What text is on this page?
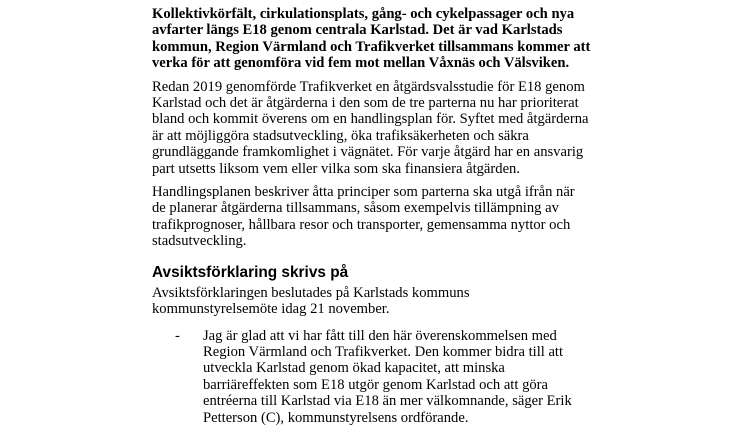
Kollektivkörfält, cirkulationsplats, gång- och cykelpassager och nya avfarter längs E18 genom centrala Karlstad. Det är vad Karlstads kommun, Region Värmland och Trafikverket tillsammans kommer att verka för att genomföra vid fem mot mellan Våxnäs och Välsviken.

Redan 2019 genomförde Trafikverket en åtgärdsvalsstudie för E18 genom Karlstad och det är åtgärderna i den som de tre parterna nu har prioriterat bland och kommit överens om en handlingsplan för. Syftet med åtgärderna är att möjliggöra stadsutveckling, öka trafiksäkerheten och säkra grundläggande framkomlighet i vägnätet. För varje åtgärd har en ansvarig part utsetts liksom vem eller vilka som ska finansiera åtgärden.

Handlingsplanen beskriver åtta principer som parterna ska utgå ifrån när de planerar åtgärderna tillsammans, såsom exempelvis tillämpning av trafikprognoser, hållbara resor och transporter, gemensamma nyttor och stadsutveckling.

Avsiktsförklaring skrivs på

Avsiktsförklaringen beslutades på Karlstads kommuns kommunstyrelsemöte idag 21 november.

- Jag är glad att vi har fått till den här överenskommelsen med Region Värmland och Trafikverket. Den kommer bidra till att utveckla Karlstad genom ökad kapacitet, att minska barriäreffekten som E18 utgör genom Karlstad och att göra entréerna till Karlstad via E18 än mer välkomnande, säger Erik Petterson (C), kommunstyrelsens ordförande.
